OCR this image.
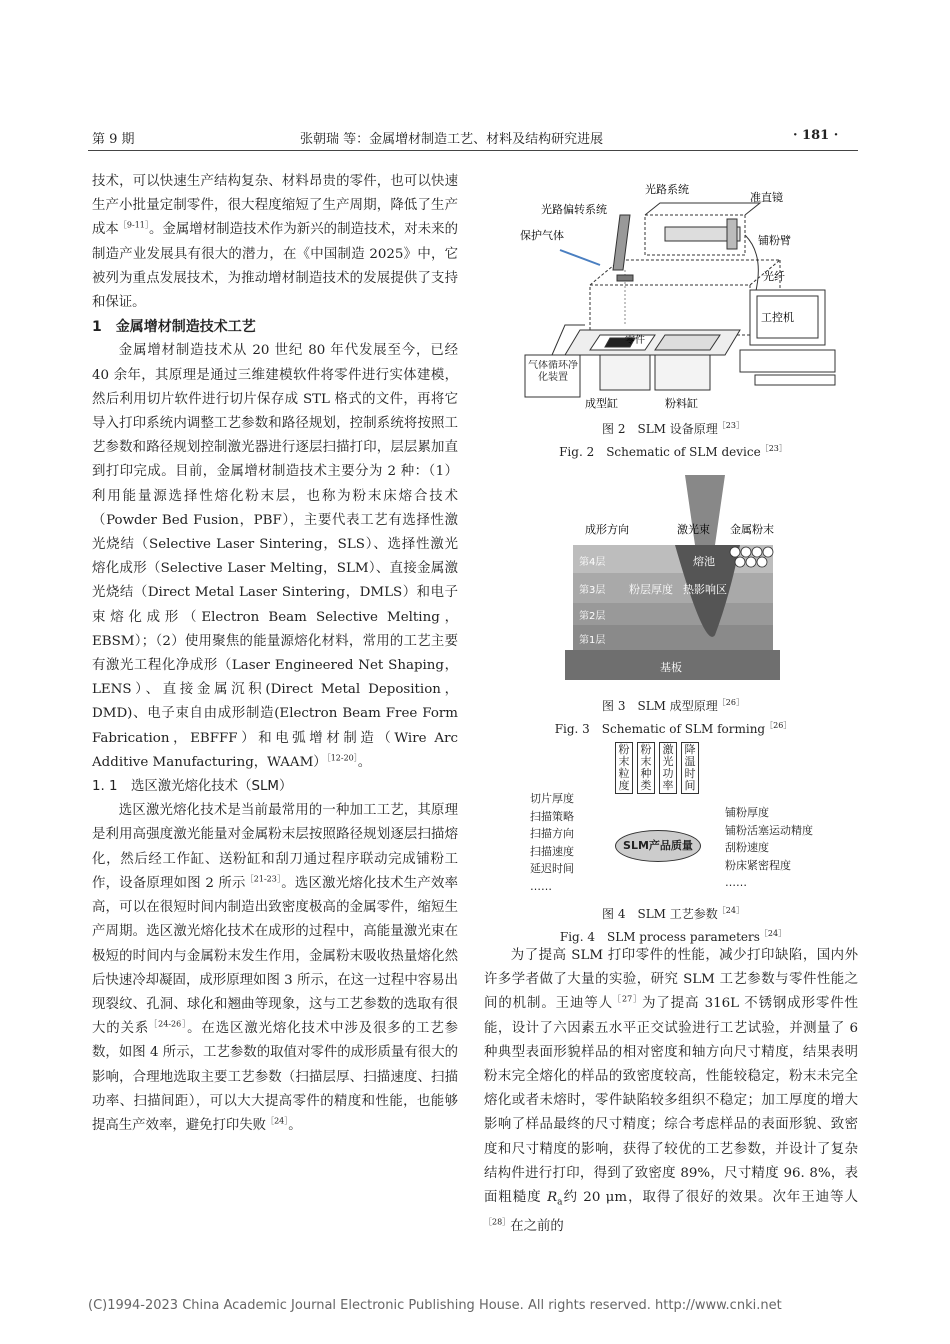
第 9 期	张朝瑞 等：金属增材制造工艺、材料及结构研究进展	· 181 ·

技术，可以快速生产结构复杂、材料昂贵的零件，也可以快速生产小批量定制零件，很大程度缩短了生产周期，降低了生产成本$^{[9-11]}$。金属增材制造技术作为新兴的制造技术，对未来的制造产业发展具有很大的潜力，在《中国制造 2025》中，它被列为重点发展技术，为推动增材制造技术的发展提供了支持和保证。

1　金属增材制造技术工艺

金属增材制造技术从 20 世纪 80 年代发展至今，已经 40 余年，其原理是通过三维建模软件将零件进行实体建模，然后利用切片软件进行切片保存成 STL 格式的文件，再将它导入打印系统内调整工艺参数和路径规划，控制系统将按照工艺参数和路径规划控制激光器进行逐层扫描打印，层层累加直到打印完成。目前，金属增材制造技术主要分为 2 种：（1）利用能量源选择性熔化粉末层，也称为粉末床熔合技术（Powder Bed Fusion，PBF），主要代表工艺有选择性激光烧结（Selective Laser Sintering，SLS）、选择性激光熔化成形（Selective Laser Melting，SLM）、直接金属激光烧结（Direct Metal Laser Sintering，DMLS）和电子束熔化成形（Electron Beam Selective Melting，EBSM）；（2）使用聚焦的能量源熔化材料，常用的工艺主要有激光工程化净成形（Laser Engineered Net Shaping，LENS）、直接金属沉积(Direct Metal Deposition，DMD)、电子束自由成形制造(Electron Beam Free Form Fabrication，EBFFF）和电弧增材制造（Wire Arc Additive Manufacturing，WAAM）$^{[12-20]}$。

1. 1　选区激光熔化技术（SLM）

选区激光熔化技术是当前最常用的一种加工工艺，其原理是利用高强度激光能量对金属粉末层按照路径规划逐层扫描熔化，然后经工作缸、送粉缸和刮刀通过程序联动完成铺粉工作，设备原理如图 2 所示$^{[21-23]}$。选区激光熔化技术生产效率高，可以在很短时间内制造出致密度极高的金属零件，缩短生产周期。选区激光熔化技术在成形的过程中，高能量激光束在极短的时间内与金属粉末发生作用，金属粉末吸收热量熔化然后快速冷却凝固，成形原理如图 3 所示，在这一过程中容易出现裂纹、孔洞、球化和翘曲等现象，这与工艺参数的选取有很大的关系$^{[24-26]}$。在选区激光熔化技术中涉及很多的工艺参数，如图 4 所示，工艺参数的取值对零件的成形质量有很大的影响，合理地选取主要工艺参数（扫描层厚、扫描速度、扫描功率、扫描间距），可以大大提高零件的精度和性能，也能够提高生产效率，避免打印失败$^{[24]}$。

光路系统
准直镜
光路偏转系统
保护气体	铺粉臂
光纤
工控机
零件
气体循环净化装置
成型缸	粉料缸
图 2　SLM 设备原理$^{[23]}$
Fig. 2　Schematic of SLM device$^{[23]}$
成形方向	激光束 金属粉末
熔池
第4层
第3层
第2层
第1层
粉层厚度 热影响区
基板
图 3　SLM 成型原理$^{[26]}$
Fig. 3　Schematic of SLM forming$^{[26]}$
粉末粒度
粉末种类
激光功率
降温时间
切片厚度
扫描策略
扫描方向
扫描速度
延迟时间
……
SLM产品质量
铺粉厚度
铺粉活塞运动精度
刮粉速度
粉床紧密程度
……
图 4　SLM 工艺参数$^{[24]}$
Fig. 4　SLM process parameters$^{[24]}$

为了提高 SLM 打印零件的性能，减少打印缺陷，国内外许多学者做了大量的实验，研究 SLM 工艺参数与零件性能之间的机制。王迪等人$^{[27]}$为了提高 316L 不锈钢成形零件性能，设计了六因素五水平正交试验进行工艺试验，并测量了 6 种典型表面形貌样品的相对密度和轴方向尺寸精度，结果表明粉末完全熔化的样品的致密度较高，性能较稳定，粉末未完全熔化或者未熔时，零件缺陷较多组织不稳定；加工厚度的增大影响了样品最终的尺寸精度；综合考虑样品的表面形貌、致密度和尺寸精度的影响，获得了较优的工艺参数，并设计了复杂结构件进行打印，得到了致密度 89%，尺寸精度 96. 8%，表面粗糙度 $R_a$约 20 μm，取得了很好的效果。次年王迪等人$^{[28]}$在之前的

(C)1994-2023 China Academic Journal Electronic Publishing House. All rights reserved. http://www.cnki.net
